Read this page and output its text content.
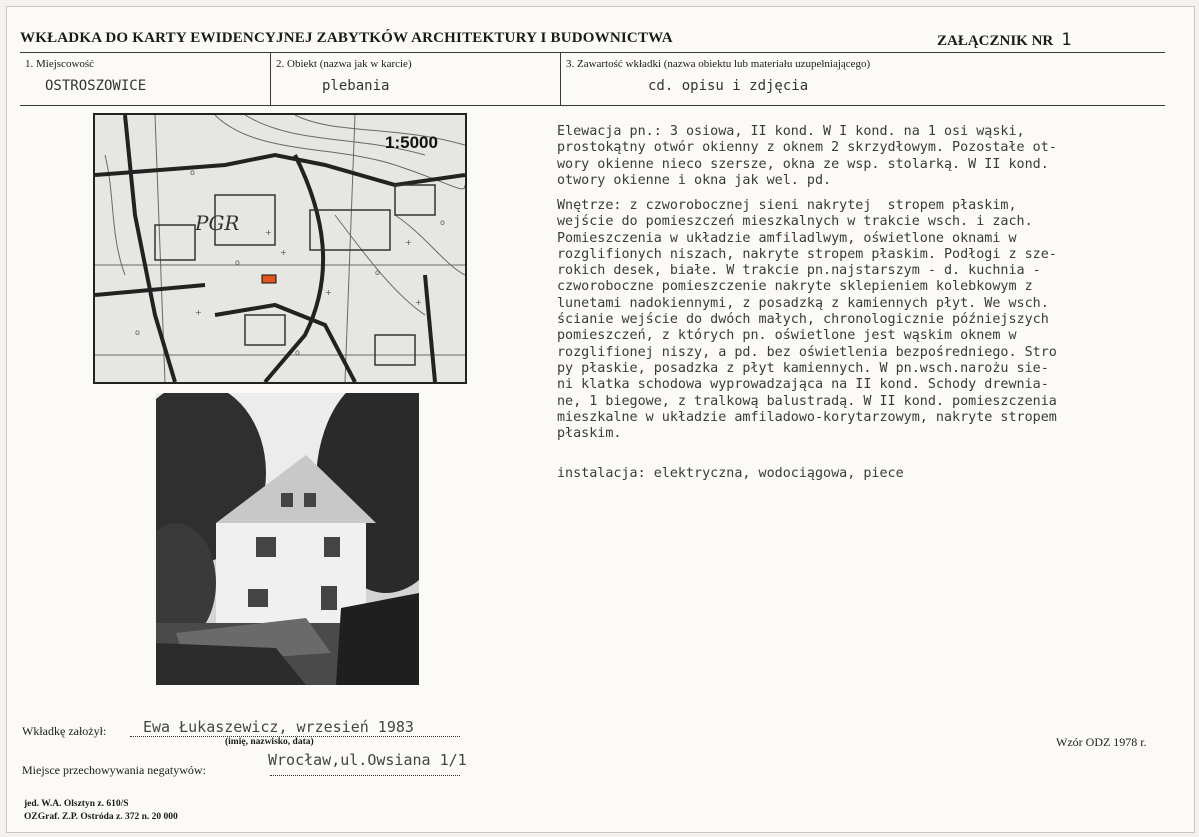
WKŁADKA DO KARTY EWIDENCYJNEJ ZABYTKÓW ARCHITEKTURY I BUDOWNICTWA	ZAŁĄCZNIK NR 1
1. Miejscowość
OSTROSZOWICE
2. Obiekt (nazwa jak w karcie)
plebania
3. Zawartość wkładki (nazwa obiektu lub materiału uzupełniającego)
cd. opisu i zdjęcia
+
+
+
+
+
+
o
o
o
o
o
o
PGR
1:5000
Elewacja pn.: 3 osiowa, II kond. W I kond. na 1 osi wąski,
prostokątny otwór okienny z oknem 2 skrzydłowym. Pozostałe ot-
wory okienne nieco szersze, okna ze wsp. stolarką. W II kond.
otwory okienne i okna jak wel. pd.
Wnętrze: z czworobocznej sieni nakrytej  stropem płaskim,
wejście do pomieszczeń mieszkalnych w trakcie wsch. i zach.
Pomieszczenia w układzie amfiladlwym, oświetlone oknami w
rozglifionych niszach, nakryte stropem płaskim. Podłogi z sze-
rokich desek, białe. W trakcie pn.najstarszym - d. kuchnia -
czworoboczne pomieszczenie nakryte sklepieniem kolebkowym z
lunetami nadokiennymi, z posadzką z kamiennych płyt. We wsch.
ścianie wejście do dwóch małych, chronologicznie późniejszych
pomieszczeń, z których pn. oświetlone jest wąskim oknem w
rozglifionej niszy, a pd. bez oświetlenia bezpośredniego. Stro
py płaskie, posadzka z płyt kamiennych. W pn.wsch.narożu sie-
ni klatka schodowa wyprowadzająca na II kond. Schody drewnia-
ne, 1 biegowe, z tralkową balustradą. W II kond. pomieszczenia
mieszkalne w układzie amfiladowo-korytarzowym, nakryte stropem
płaskim.
instalacja: elektryczna, wodociągowa, piece
Wkładkę założył: Ewa Łukaszewicz, wrzesień 1983
(imię, nazwisko, data)
Miejsce przechowywania negatywów:
Wrocław,ul.Owsiana 1/1
Wzór ODZ 1978 r.
jed. W.A. Olsztyn z. 610/S
OZGraf. Z.P. Ostróda z. 372 n. 20 000
